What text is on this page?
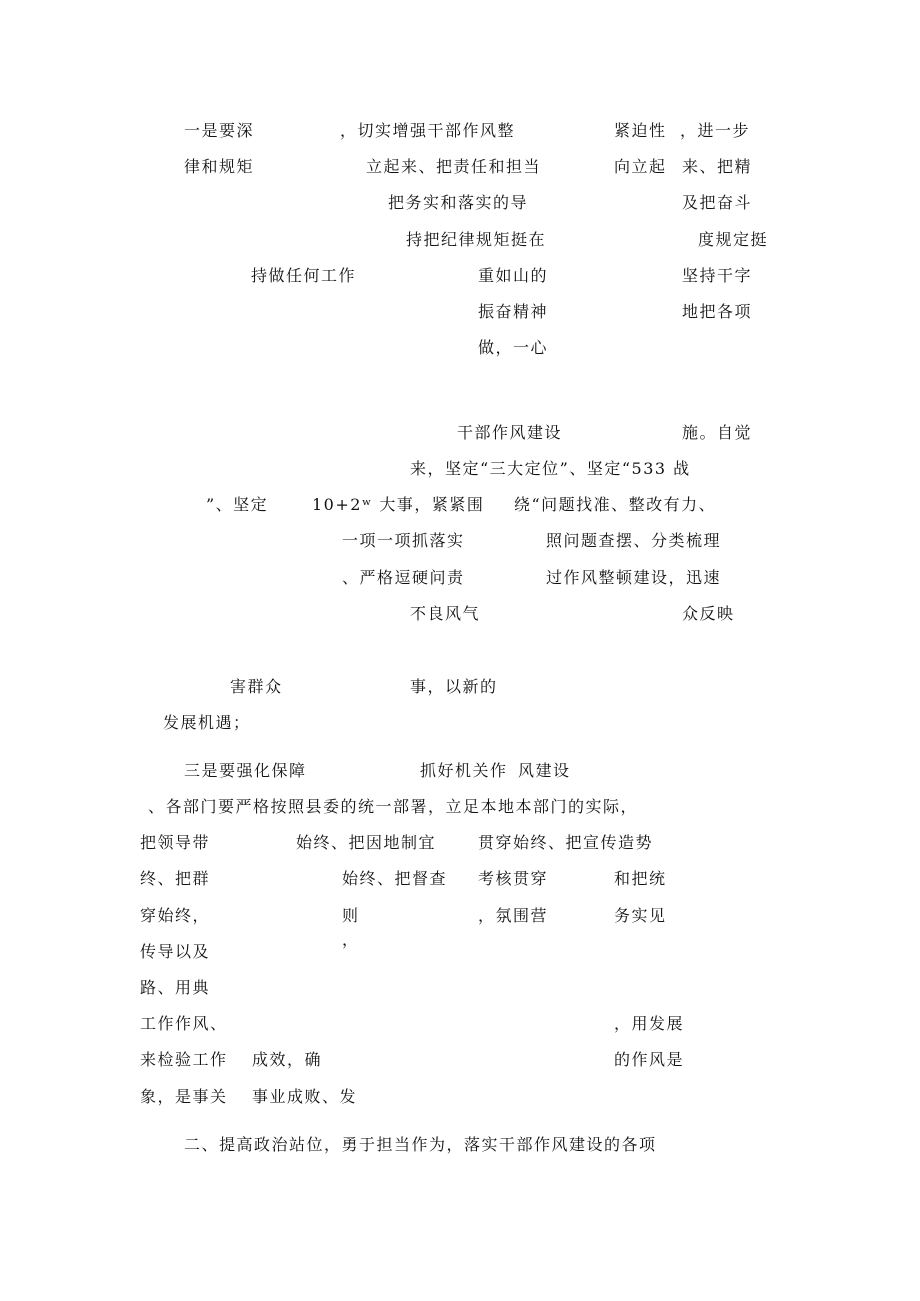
一是要深	，切实增强干部作风整	紧迫性 ，进一步
律和规矩	立起来、把责任和担当	向立起 来、把精
把务实和落实的导	及把奋斗
持把纪律规矩挺在	度规定挺
持做任何工作	重如山的	坚持干字
振奋精神	地把各项
做，一心
干部作风建设	施。自觉
来，坚定“三大定位”、坚定“533 战
”、坚定	10+2ʷ 大事，紧紧围 绕“问题找准、整改有力、
一项一项抓落实	照问题查摆、分类梳理
、严格逗硬问责	过作风整顿建设，迅速
不良风气	众反映
害群众	事，以新的
发展机遇；
三是要强化保障	抓好机关作 风建设
、各部门要严格按照县委的统一部署，立足本地本部门的实际，
把领导带	始终、把因地制宜	贯穿始终、把宣传造势
终、把群	始终、把督查 考核贯穿	和把统
穿始终，	则	，氛围营	务实见
，
传导以及
路、用典
工作作风、	，用发展
来检验工作 成效，确	的作风是
象，是事关 事业成败、发
二、提高政治站位，勇于担当作为，落实干部作风建设的各项
